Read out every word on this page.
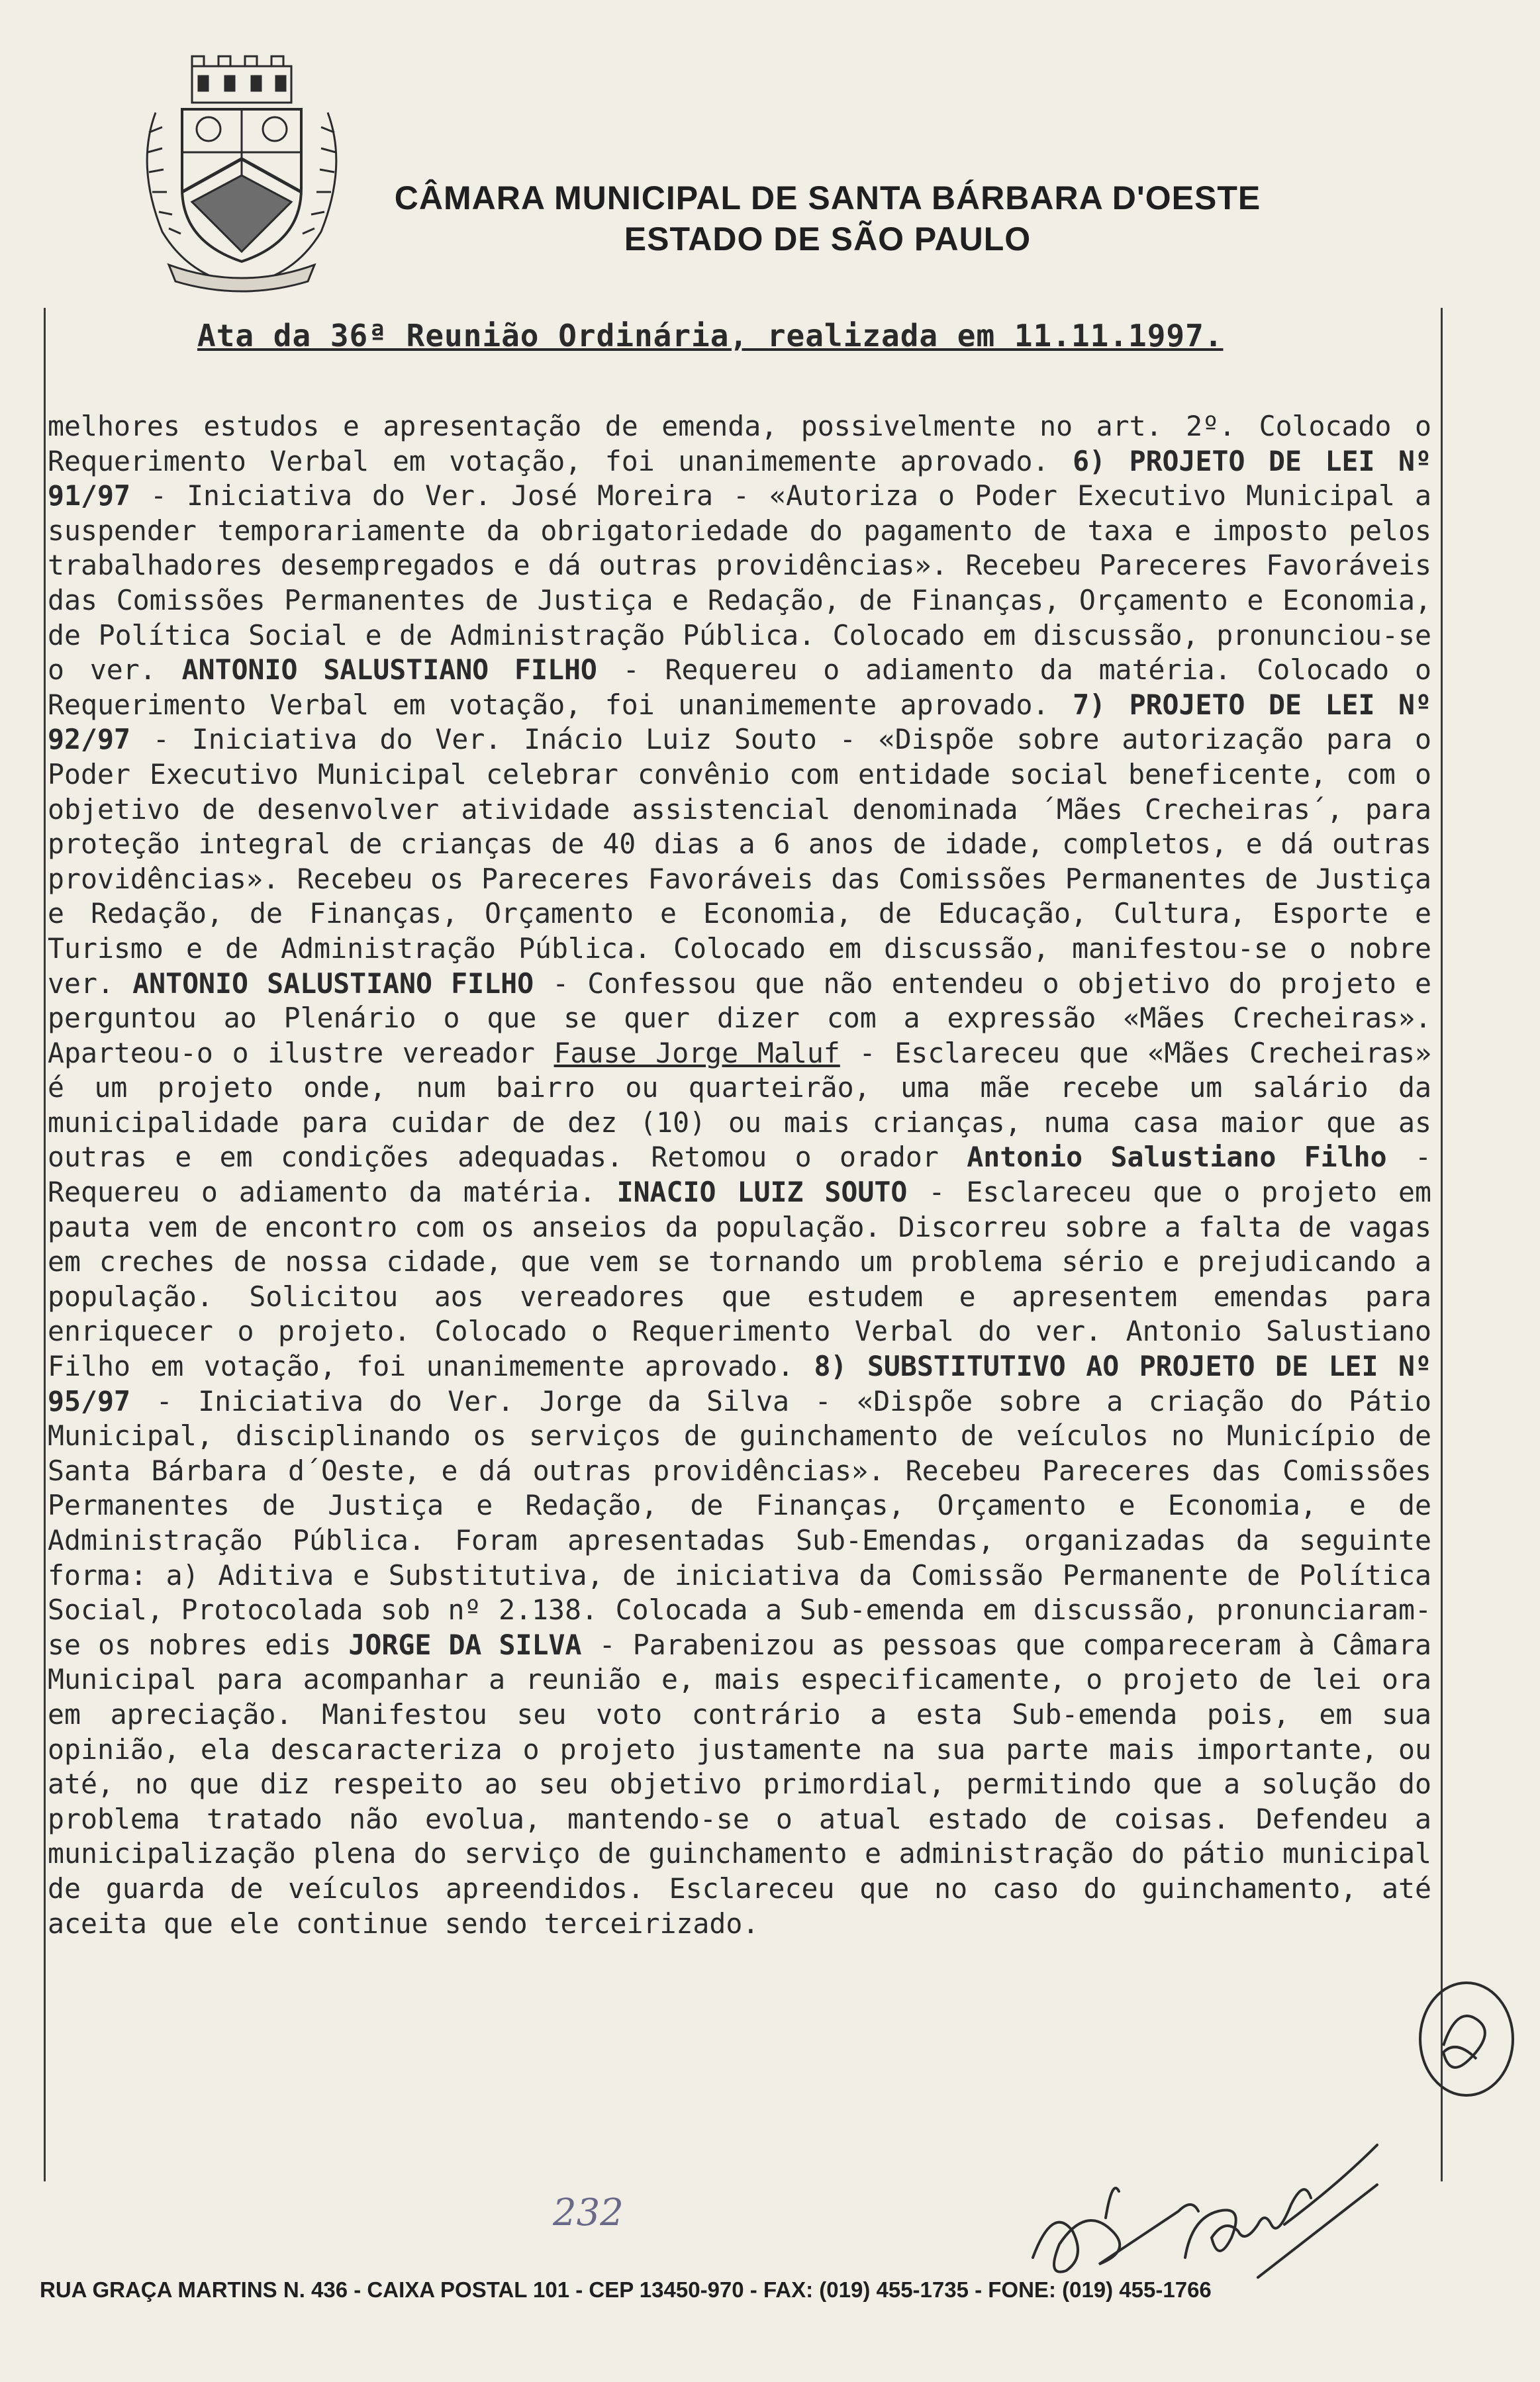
CÂMARA MUNICIPAL DE SANTA BÁRBARA D'OESTE
ESTADO DE SÃO PAULO
Ata da 36ª Reunião Ordinária, realizada em 11.11.1997.
melhores estudos e apresentação de emenda, possivelmente no art. 2º. Colocado o Requerimento Verbal em votação, foi unanimemente aprovado. 6) PROJETO DE LEI Nº 91/97 - Iniciativa do Ver. José Moreira - «Autoriza o Poder Executivo Municipal a suspender temporariamente da obrigatoriedade do pagamento de taxa e imposto pelos trabalhadores desempregados e dá outras providências». Recebeu Pareceres Favoráveis das Comissões Permanentes de Justiça e Redação, de Finanças, Orçamento e Economia, de Política Social e de Administração Pública. Colocado em discussão, pronunciou-se o ver. ANTONIO SALUSTIANO FILHO - Requereu o adiamento da matéria. Colocado o Requerimento Verbal em votação, foi unanimemente aprovado. 7) PROJETO DE LEI Nº 92/97 - Iniciativa do Ver. Inácio Luiz Souto - «Dispõe sobre autorização para o Poder Executivo Municipal celebrar convênio com entidade social beneficente, com o objetivo de desenvolver atividade assistencial denominada ´Mães Crecheiras´, para proteção integral de crianças de 40 dias a 6 anos de idade, completos, e dá outras providências». Recebeu os Pareceres Favoráveis das Comissões Permanentes de Justiça e Redação, de Finanças, Orçamento e Economia, de Educação, Cultura, Esporte e Turismo e de Administração Pública. Colocado em discussão, manifestou-se o nobre ver. ANTONIO SALUSTIANO FILHO - Confessou que não entendeu o objetivo do projeto e perguntou ao Plenário o que se quer dizer com a expressão «Mães Crecheiras». Aparteou-o o ilustre vereador Fause Jorge Maluf - Esclareceu que «Mães Crecheiras» é um projeto onde, num bairro ou quarteirão, uma mãe recebe um salário da municipalidade para cuidar de dez (10) ou mais crianças, numa casa maior que as outras e em condições adequadas. Retomou o orador Antonio Salustiano Filho - Requereu o adiamento da matéria. INACIO LUIZ SOUTO - Esclareceu que o projeto em pauta vem de encontro com os anseios da população. Discorreu sobre a falta de vagas em creches de nossa cidade, que vem se tornando um problema sério e prejudicando a população. Solicitou aos vereadores que estudem e apresentem emendas para enriquecer o projeto. Colocado o Requerimento Verbal do ver. Antonio Salustiano Filho em votação, foi unanimemente aprovado. 8) SUBSTITUTIVO AO PROJETO DE LEI Nº 95/97 - Iniciativa do Ver. Jorge da Silva - «Dispõe sobre a criação do Pátio Municipal, disciplinando os serviços de guinchamento de veículos no Município de Santa Bárbara d´Oeste, e dá outras providências». Recebeu Pareceres das Comissões Permanentes de Justiça e Redação, de Finanças, Orçamento e Economia, e de Administração Pública. Foram apresentadas Sub-Emendas, organizadas da seguinte forma: a) Aditiva e Substitutiva, de iniciativa da Comissão Permanente de Política Social, Protocolada sob nº 2.138. Colocada a Sub-emenda em discussão, pronunciaram-se os nobres edis JORGE DA SILVA - Parabenizou as pessoas que compareceram à Câmara Municipal para acompanhar a reunião e, mais especificamente, o projeto de lei ora em apreciação. Manifestou seu voto contrário a esta Sub-emenda pois, em sua opinião, ela descaracteriza o projeto justamente na sua parte mais importante, ou até, no que diz respeito ao seu objetivo primordial, permitindo que a solução do problema tratado não evolua, mantendo-se o atual estado de coisas. Defendeu a municipalização plena do serviço de guinchamento e administração do pátio municipal de guarda de veículos apreendidos. Esclareceu que no caso do guinchamento, até aceita que ele continue sendo terceirizado.
232
RUA GRAÇA MARTINS N. 436 - CAIXA POSTAL 101 - CEP 13450-970 - FAX: (019) 455-1735 - FONE: (019) 455-1766
